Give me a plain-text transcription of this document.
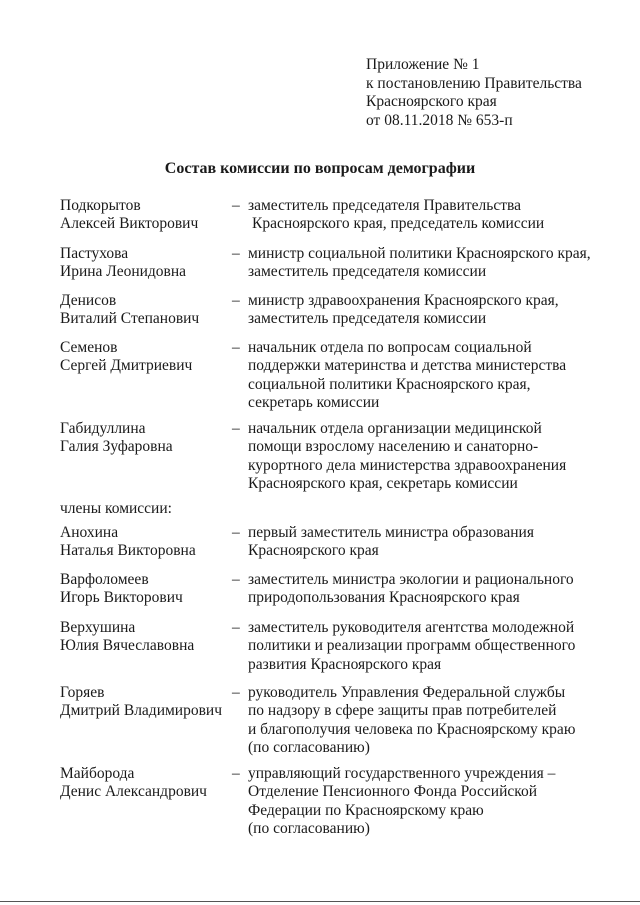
Приложение № 1
к постановлению Правительства
Красноярского края
от 08.11.2018 № 653-п
Состав комиссии по вопросам демографии
Подкорытов
Алексей Викторович
– заместитель председателя Правительства
Красноярского края, председатель комиссии
Пастухова
Ирина Леонидовна
– министр социальной политики Красноярского края,
заместитель председателя комиссии
Денисов
Виталий Степанович
– министр здравоохранения Красноярского края,
заместитель председателя комиссии
Семенов
Сергей Дмитриевич
– начальник отдела по вопросам социальной
поддержки материнства и детства министерства
социальной политики Красноярского края,
секретарь комиссии
Габидуллина
Галия Зуфаровна
– начальник отдела организации медицинской
помощи взрослому населению и санаторно-
курортного дела министерства здравоохранения
Красноярского края, секретарь комиссии
члены комиссии:
Анохина
Наталья Викторовна
– первый заместитель министра образования
Красноярского края
Варфоломеев
Игорь Викторович
– заместитель министра экологии и рационального
природопользования Красноярского края
Верхушина
Юлия Вячеславовна
– заместитель руководителя агентства молодежной
политики и реализации программ общественного
развития Красноярского края
Горяев
Дмитрий Владимирович
– руководитель Управления Федеральной службы
по надзору в сфере защиты прав потребителей
и благополучия человека по Красноярскому краю
(по согласованию)
Майборода
Денис Александрович
– управляющий государственного учреждения –
Отделение Пенсионного Фонда Российской
Федерации по Красноярскому краю
(по согласованию)
